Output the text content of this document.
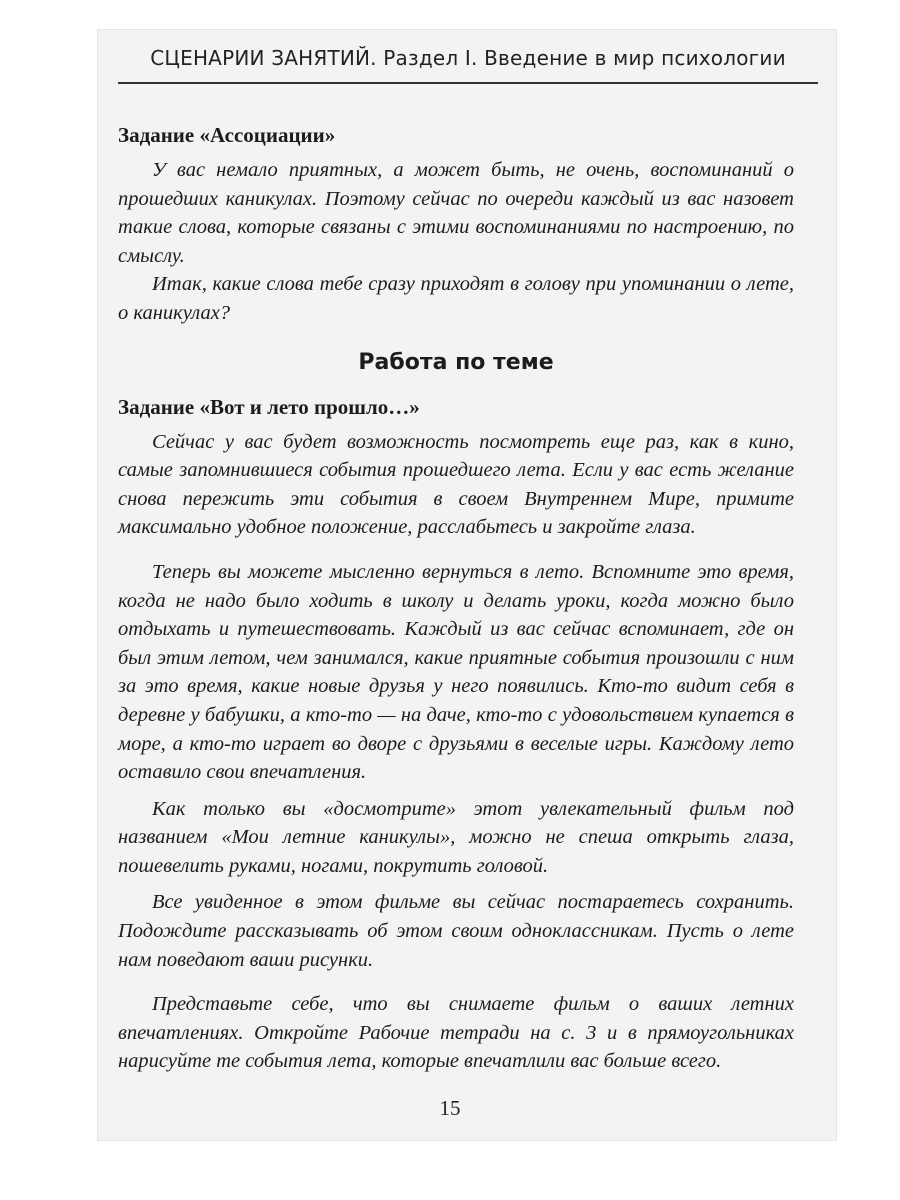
СЦЕНАРИИ ЗАНЯТИЙ. Раздел I. Введение в мир психологии
Задание «Ассоциации»

У вас немало приятных, а может быть, не очень, воспоминаний о прошедших каникулах. Поэтому сейчас по очереди каждый из вас назовет такие слова, которые связаны с этими воспоминаниями по настроению, по смыслу.

Итак, какие слова тебе сразу приходят в голову при упоминании о лете, о каникулах?

Работа по теме
Задание «Вот и лето прошло…»

Сейчас у вас будет возможность посмотреть еще раз, как в кино, самые запомнившиеся события прошедшего лета. Если у вас есть желание снова пережить эти события в своем Внутреннем Мире, примите максимально удобное положение, расслабьтесь и закройте глаза.

Теперь вы можете мысленно вернуться в лето. Вспомните это время, когда не надо было ходить в школу и делать уроки, когда можно было отдыхать и путешествовать. Каждый из вас сейчас вспоминает, где он был этим летом, чем занимался, какие приятные события произошли с ним за это время, какие новые друзья у него появились. Кто-то видит себя в деревне у бабушки, а кто-то — на даче, кто-то с удовольствием купается в море, а кто-то играет во дворе с друзьями в веселые игры. Каждому лето оставило свои впечатления.

Как только вы «досмотрите» этот увлекательный фильм под названием «Мои летние каникулы», можно не спеша открыть глаза, пошевелить руками, ногами, покрутить головой.

Все увиденное в этом фильме вы сейчас постараетесь сохранить. Подождите рассказывать об этом своим одноклассникам. Пусть о лете нам поведают ваши рисунки.

Представьте себе, что вы снимаете фильм о ваших летних впечатлениях. Откройте Рабочие тетради на с. 3 и в прямоугольниках нарисуйте те события лета, которые впечатлили вас больше всего.

15
